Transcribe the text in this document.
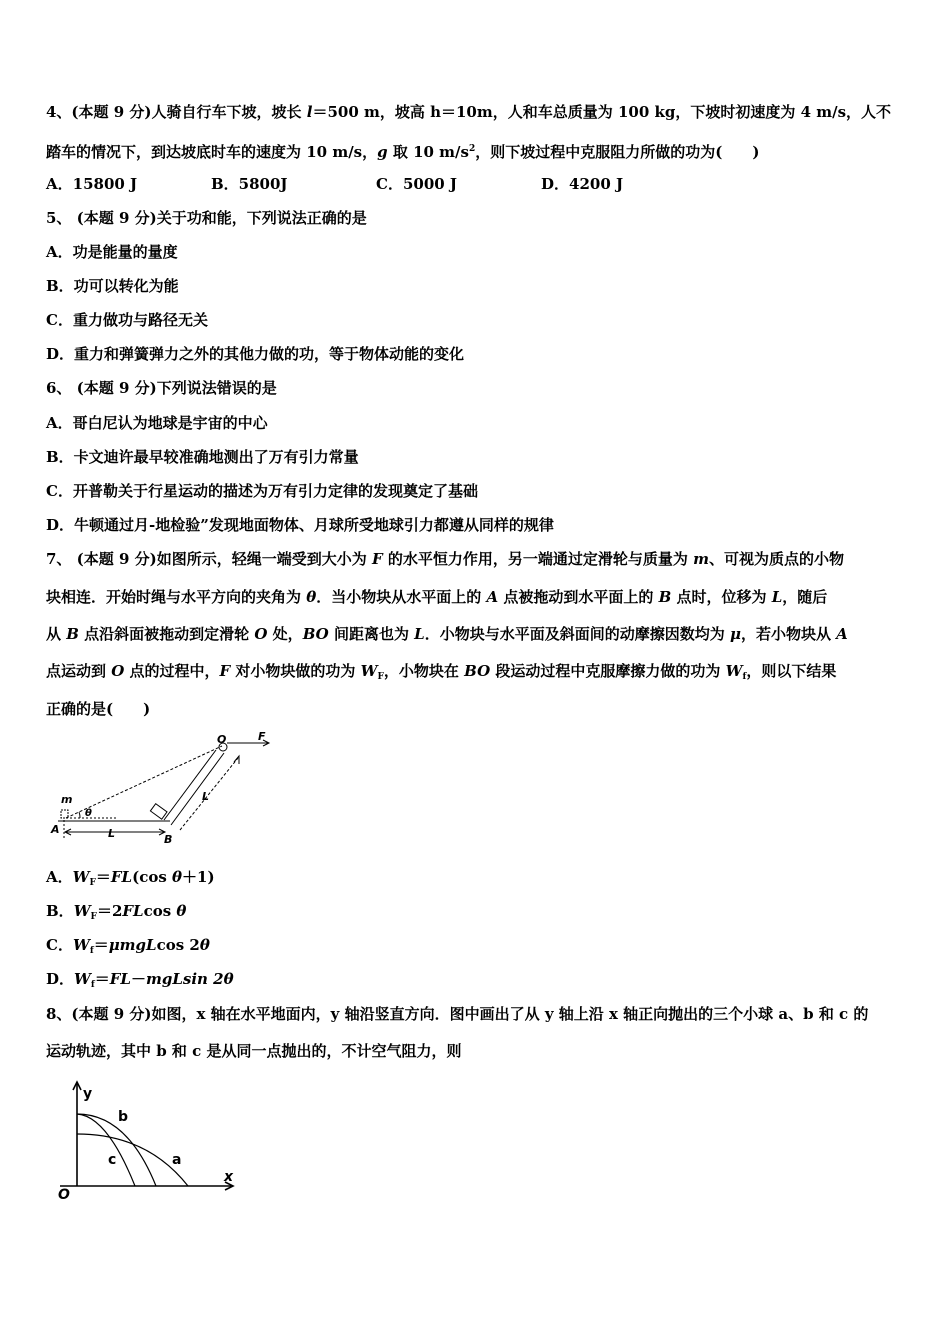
4、(本题 9 分)人骑自行车下坡，坡长 l＝500 m，坡高 h＝10m，人和车总质量为 100 kg，下坡时初速度为 4 m/s，人不
踏车的情况下，到达坡底时车的速度为 10 m/s，g 取 10 $m/s^2$，则下坡过程中克服阻力所做的功为(　　)
A．15800 J	B．5800J	C．5000 J	D．4200 J
5、 (本题 9 分)关于功和能，下列说法正确的是
A．功是能量的量度
B．功可以转化为能
C．重力做功与路径无关
D．重力和弹簧弹力之外的其他力做的功，等于物体动能的变化
6、 (本题 9 分)下列说法错误的是
A．哥白尼认为地球是宇宙的中心
B．卡文迪许最早较准确地测出了万有引力常量
C．开普勒关于行星运动的描述为万有引力定律的发现奠定了基础
D．牛顿通过月-地检验”发现地面物体、月球所受地球引力都遵从同样的规律
7、 (本题 9 分)如图所示，轻绳一端受到大小为 F 的水平恒力作用，另一端通过定滑轮与质量为 m、可视为质点的小物
块相连．开始时绳与水平方向的夹角为 θ．当小物块从水平面上的 A 点被拖动到水平面上的 B 点时，位移为 L，随后
从 B 点沿斜面被拖动到定滑轮 O 处，BO 间距离也为 L．小物块与水平面及斜面间的动摩擦因数均为 μ，若小物块从 A
点运动到 O 点的过程中，F 对小物块做的功为 $W_F$，小物块在 BO 段运动过程中克服摩擦力做的功为 $W_f$，则以下结果
正确的是(　　)
O	F
m
θ
A
B
L
L
A．$W_F=FL(\cos$ θ＋1)
B．$W_F=2FLcos$ θ
C．$W_f=\mu mgLcos$ 2θ
D．$W_f=FL-mgLsin$ 2θ
8、(本题 9 分)如图，x 轴在水平地面内，y 轴沿竖直方向．图中画出了从 y 轴上沿 x 轴正向抛出的三个小球 a、b 和 c 的
运动轨迹，其中 b 和 c 是从同一点抛出的，不计空气阻力，则
y
x
O
b
c	a
